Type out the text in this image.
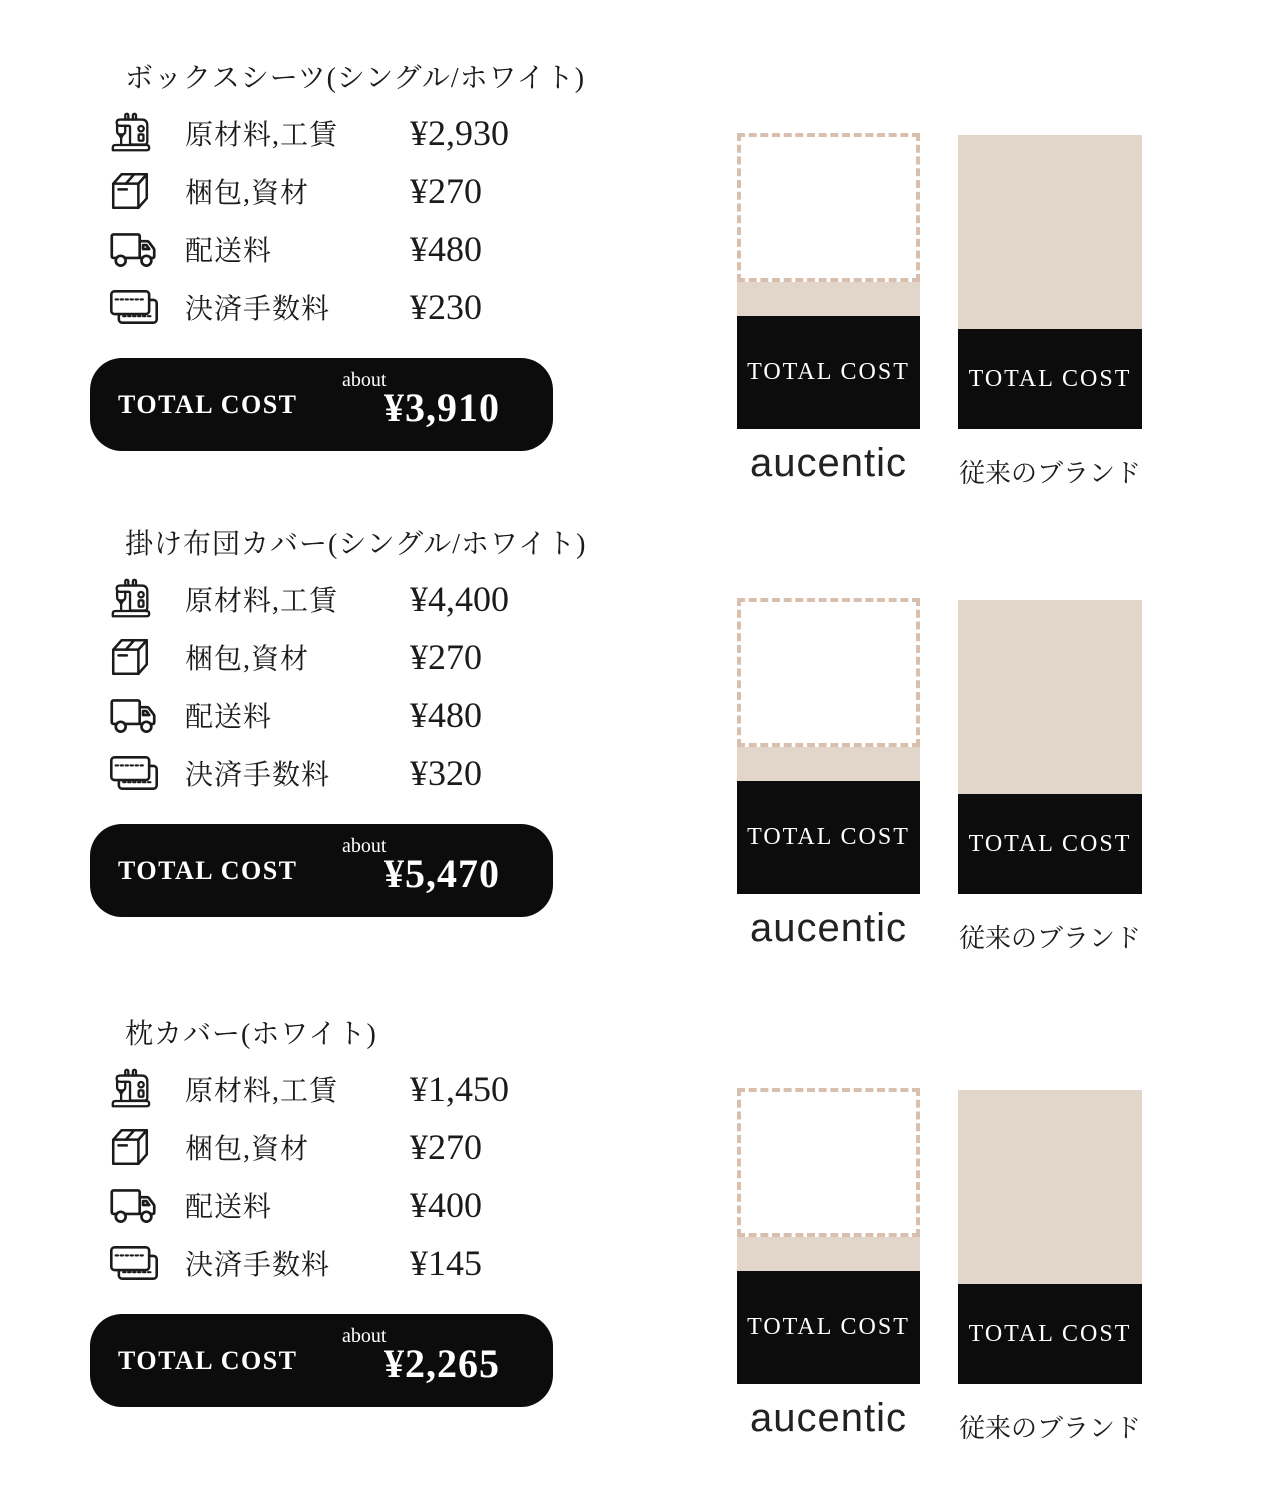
ボックスシーツ(シングル/ホワイト)
原材料,工賃 ¥2,930
梱包,資材	¥270
配送料	¥480
決済手数料 ¥230
TOTAL COST
about
¥3,910
TOTAL COST	TOTAL COST
aucentic	従来のブランド
掛け布団カバー(シングル/ホワイト)
原材料,工賃 ¥4,400
梱包,資材	¥270
配送料	¥480
決済手数料 ¥320
TOTAL COST
about
¥5,470
TOTAL COST	TOTAL COST
aucentic	従来のブランド
枕カバー(ホワイト)
原材料,工賃 ¥1,450
梱包,資材	¥270
配送料	¥400
決済手数料 ¥145
TOTAL COST
about
¥2,265
TOTAL COST	TOTAL COST
aucentic	従来のブランド
